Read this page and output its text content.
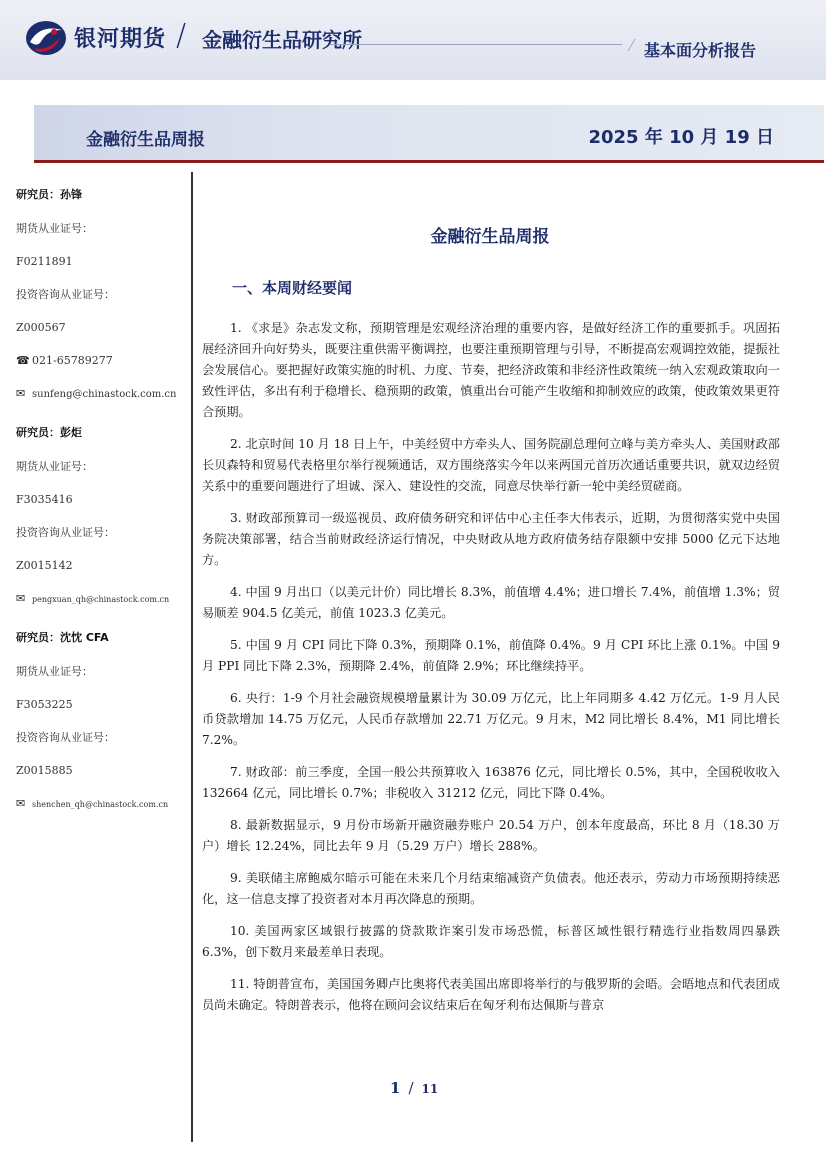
银河期货 / 金融衍生品研究所	基本面分析报告
金融衍生品周报	2025 年 10 月 19 日
研究员：孙锋
期货从业证号：
F0211891
投资咨询从业证号：
Z000567
☎ 021-65789277
✉ sunfeng@chinastock.com.cn
研究员：彭炬
期货从业证号：
F3035416
投资咨询从业证号：
Z0015142
✉ pengxuan_qh@chinastock.com.cn
研究员：沈忱 CFA
期货从业证号：
F3053225
投资咨询从业证号：
Z0015885
✉ shenchen_qh@chinastock.com.cn
金融衍生品周报
一、本周财经要闻

1. 《求是》杂志发文称，预期管理是宏观经济治理的重要内容，是做好经济工作的重要抓手。巩固拓展经济回升向好势头，既要注重供需平衡调控，也要注重预期管理与引导，不断提高宏观调控效能，提振社会发展信心。要把握好政策实施的时机、力度、节奏，把经济政策和非经济性政策统一纳入宏观政策取向一致性评估，多出有利于稳增长、稳预期的政策，慎重出台可能产生收缩和抑制效应的政策，使政策效果更符合预期。

2. 北京时间 10 月 18 日上午，中美经贸中方牵头人、国务院副总理何立峰与美方牵头人、美国财政部长贝森特和贸易代表格里尔举行视频通话，双方围绕落实今年以来两国元首历次通话重要共识，就双边经贸关系中的重要问题进行了坦诚、深入、建设性的交流，同意尽快举行新一轮中美经贸磋商。

3. 财政部预算司一级巡视员、政府债务研究和评估中心主任李大伟表示，近期，为贯彻落实党中央国务院决策部署，结合当前财政经济运行情况，中央财政从地方政府债务结存限额中安排 5000 亿元下达地方。

4. 中国 9 月出口（以美元计价）同比增长 8.3%，前值增 4.4%；进口增长 7.4%，前值增 1.3%；贸易顺差 904.5 亿美元，前值 1023.3 亿美元。

5. 中国 9 月 CPI 同比下降 0.3%，预期降 0.1%，前值降 0.4%。9 月 CPI 环比上涨 0.1%。中国 9 月 PPI 同比下降 2.3%，预期降 2.4%，前值降 2.9%；环比继续持平。

6. 央行：1-9 个月社会融资规模增量累计为 30.09 万亿元，比上年同期多 4.42 万亿元。1-9 月人民币贷款增加 14.75 万亿元，人民币存款增加 22.71 万亿元。9 月末，M2 同比增长 8.4%，M1 同比增长 7.2%。

7. 财政部：前三季度，全国一般公共预算收入 163876 亿元，同比增长 0.5%，其中，全国税收收入 132664 亿元，同比增长 0.7%；非税收入 31212 亿元，同比下降 0.4%。

8. 最新数据显示，9 月份市场新开融资融券账户 20.54 万户，创本年度最高，环比 8 月（18.30 万户）增长 12.24%，同比去年 9 月（5.29 万户）增长 288%。

9. 美联储主席鲍威尔暗示可能在未来几个月结束缩减资产负债表。他还表示，劳动力市场预期持续恶化，这一信息支撑了投资者对本月再次降息的预期。

10. 美国两家区域银行披露的贷款欺诈案引发市场恐慌，标普区域性银行精选行业指数周四暴跌 6.3%，创下数月来最差单日表现。

11. 特朗普宣布，美国国务卿卢比奥将代表美国出席即将举行的与俄罗斯的会晤。会晤地点和代表团成员尚未确定。特朗普表示，他将在顾问会议结束后在匈牙利布达佩斯与普京

1 / 11
